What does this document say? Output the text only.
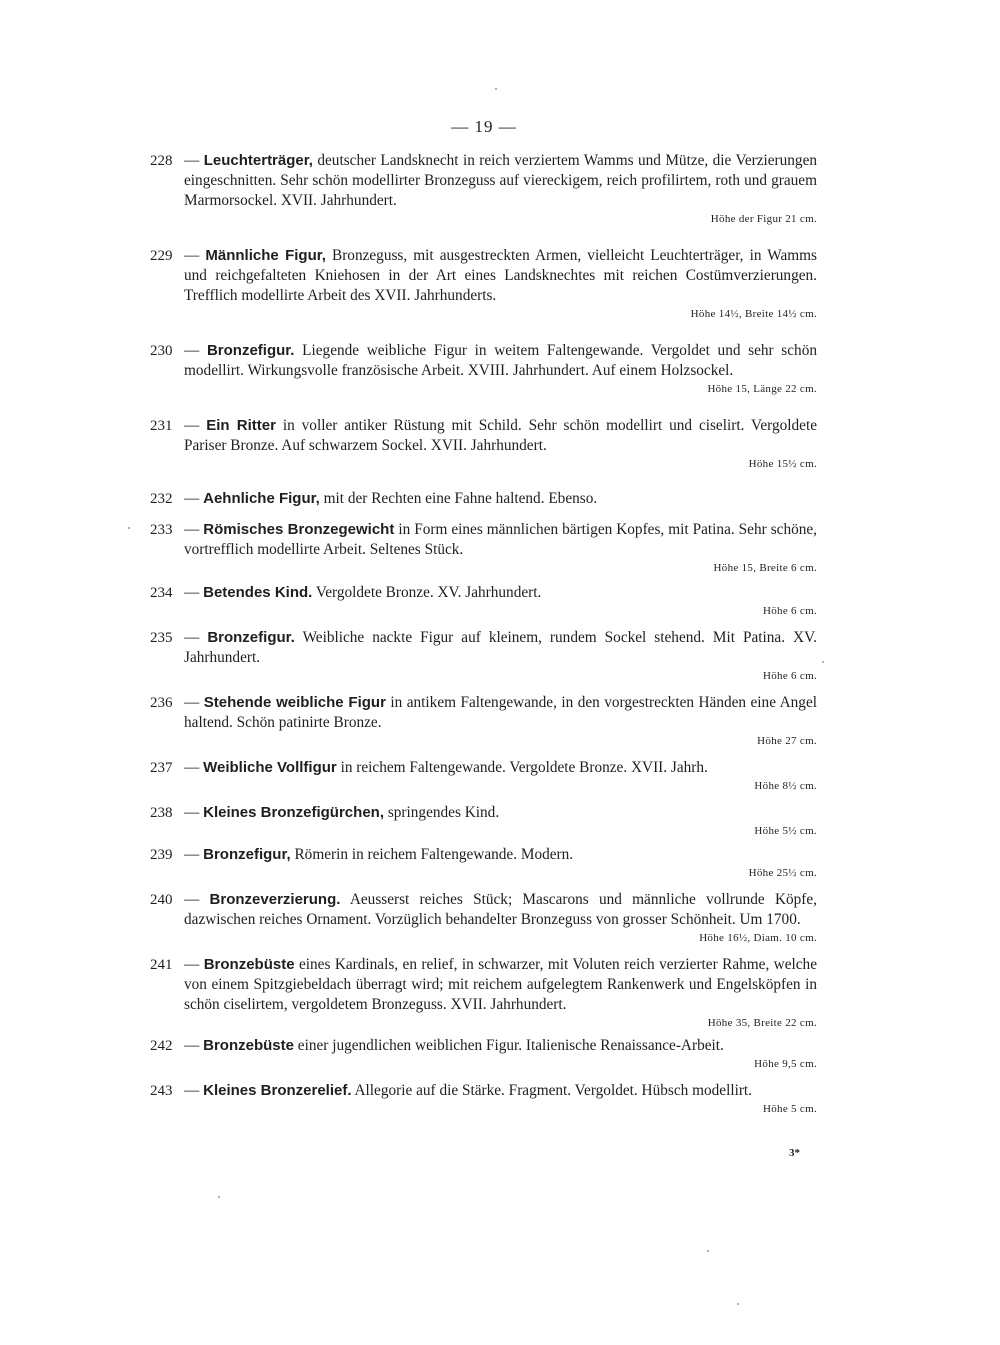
— 19 —
228 — Leuchterträger, deutscher Landsknecht in reich verziertem Wamms und Mütze, die Verzierungen eingeschnitten. Sehr schön modellirter Bronzeguss auf viereckigem, reich profilirtem, roth und grauem Marmorsockel. XVII. Jahrhundert.
Höhe der Figur 21 cm.
229 — Männliche Figur, Bronzeguss, mit ausgestreckten Armen, vielleicht Leuchterträger, in Wamms und reichgefalteten Kniehosen in der Art eines Landsknechtes mit reichen Costümverzierungen. Trefflich modellirte Arbeit des XVII. Jahrhunderts.
Höhe 14½, Breite 14½ cm.
230 — Bronzefigur. Liegende weibliche Figur in weitem Faltengewande. Vergoldet und sehr schön modellirt. Wirkungsvolle französische Arbeit. XVIII. Jahrhundert. Auf einem Holzsockel.
Höhe 15, Länge 22 cm.
231 — Ein Ritter in voller antiker Rüstung mit Schild. Sehr schön modellirt und ciselirt. Vergoldete Pariser Bronze. Auf schwarzem Sockel. XVII. Jahrhundert.
Höhe 15½ cm.
232 — Aehnliche Figur, mit der Rechten eine Fahne haltend. Ebenso.
233 — Römisches Bronzegewicht in Form eines männlichen bärtigen Kopfes, mit Patina. Sehr schöne, vortrefflich modellirte Arbeit. Seltenes Stück.
Höhe 15, Breite 6 cm.
234 — Betendes Kind. Vergoldete Bronze. XV. Jahrhundert.
Höhe 6 cm.
235 — Bronzefigur. Weibliche nackte Figur auf kleinem, rundem Sockel stehend. Mit Patina. XV. Jahrhundert.
Höhe 6 cm.
236 — Stehende weibliche Figur in antikem Faltengewande, in den vorgestreckten Händen eine Angel haltend. Schön patinirte Bronze.
Höhe 27 cm.
237 — Weibliche Vollfigur in reichem Faltengewande. Vergoldete Bronze. XVII. Jahrh.
Höhe 8½ cm.
238 — Kleines Bronzefigürchen, springendes Kind.
Höhe 5½ cm.
239 — Bronzefigur, Römerin in reichem Faltengewande. Modern.
Höhe 25½ cm.
240 — Bronzeverzierung. Aeusserst reiches Stück; Mascarons und männliche vollrunde Köpfe, dazwischen reiches Ornament. Vorzüglich behandelter Bronzeguss von grosser Schönheit. Um 1700.
Höhe 16½, Diam. 10 cm.
241 — Bronzebüste eines Kardinals, en relief, in schwarzer, mit Voluten reich verzierter Rahme, welche von einem Spitzgiebeldach überragt wird; mit reichem aufgelegtem Rankenwerk und Engelsköpfen in schön ciselirtem, vergoldetem Bronzeguss. XVII. Jahrhundert.
Höhe 35, Breite 22 cm.
242 — Bronzebüste einer jugendlichen weiblichen Figur. Italienische Renaissance-Arbeit.
Höhe 9,5 cm.
243 — Kleines Bronzerelief. Allegorie auf die Stärke. Fragment. Vergoldet. Hübsch modellirt.
Höhe 5 cm.
3*
